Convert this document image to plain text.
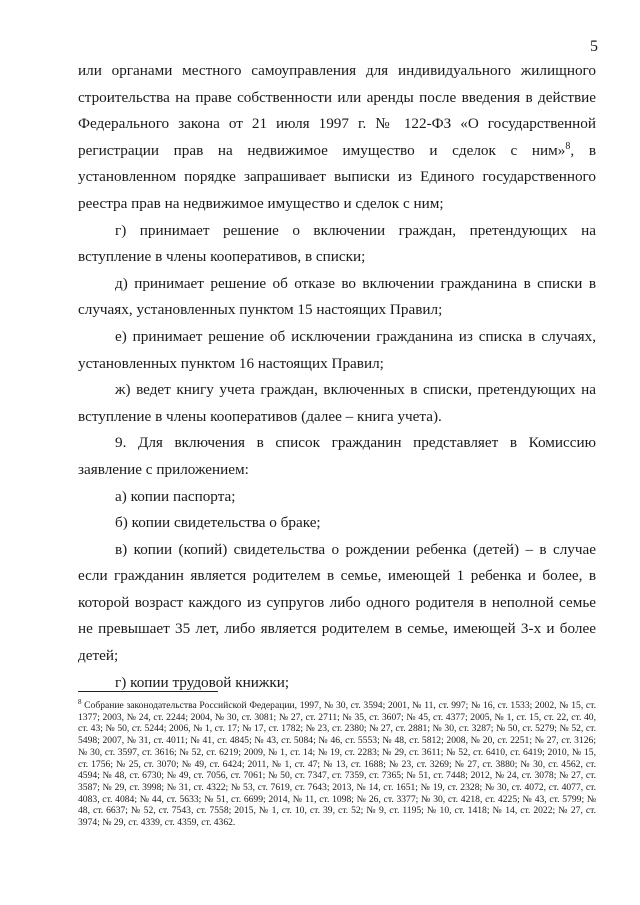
5

или органами местного самоуправления для индивидуального жилищного строительства на праве собственности или аренды после введения в действие Федерального закона от 21 июля 1997 г. № 122-ФЗ «О государственной регистрации прав на недвижимое имущество и сделок с ним»$^8$, в установленном порядке запрашивает выписки из Единого государственного реестра прав на недвижимое имущество и сделок с ним;

г) принимает решение о включении граждан, претендующих на вступление в члены кооперативов, в списки;

д) принимает решение об отказе во включении гражданина в списки в случаях, установленных пунктом 15 настоящих Правил;

е) принимает решение об исключении гражданина из списка в случаях, установленных пунктом 16 настоящих Правил;

ж) ведет книгу учета граждан, включенных в списки, претендующих на вступление в члены кооперативов (далее – книга учета).

9. Для включения в список гражданин представляет в Комиссию заявление с приложением:

а) копии паспорта;

б) копии свидетельства о браке;

в) копии (копий) свидетельства о рождении ребенка (детей) – в случае если гражданин является родителем в семье, имеющей 1 ребенка и более, в которой возраст каждого из супругов либо одного родителя в неполной семье не превышает 35 лет, либо является родителем в семье, имеющей 3-х и более детей;

г) копии трудовой книжки;

$^8$ Собрание законодательства Российской Федерации, 1997, № 30, ст. 3594; 2001, № 11, ст. 997; № 16, ст. 1533; 2002, № 15, ст. 1377; 2003, № 24, ст. 2244; 2004, № 30, ст. 3081; № 27, ст. 2711; № 35, ст. 3607; № 45, ст. 4377; 2005, № 1, ст. 15, ст. 22, ст. 40, ст. 43; № 50, ст. 5244; 2006, № 1, ст. 17; № 17, ст. 1782; № 23, ст. 2380; № 27, ст. 2881; № 30, ст. 3287; № 50, ст. 5279; № 52, ст. 5498; 2007, № 31, ст. 4011; № 41, ст. 4845; № 43, ст. 5084; № 46, ст. 5553; № 48, ст. 5812; 2008, № 20, ст. 2251; № 27, ст. 3126; № 30, ст. 3597, ст. 3616; № 52, ст. 6219; 2009, № 1, ст. 14; № 19, ст. 2283; № 29, ст. 3611; № 52, ст. 6410, ст. 6419; 2010, № 15, ст. 1756; № 25, ст. 3070; № 49, ст. 6424; 2011, № 1, ст. 47; № 13, ст. 1688; № 23, ст. 3269; № 27, ст. 3880; № 30, ст. 4562, ст. 4594; № 48, ст. 6730; № 49, ст. 7056, ст. 7061; № 50, ст. 7347, ст. 7359, ст. 7365; № 51, ст. 7448; 2012, № 24, ст. 3078; № 27, ст. 3587; № 29, ст. 3998; № 31, ст. 4322; № 53, ст. 7619, ст. 7643; 2013, № 14, ст. 1651; № 19, ст. 2328; № 30, ст. 4072, ст. 4077, ст. 4083, ст. 4084; № 44, ст. 5633; № 51, ст. 6699; 2014, № 11, ст. 1098; № 26, ст. 3377; № 30, ст. 4218, ст. 4225; № 43, ст. 5799; № 48, ст. 6637; № 52, ст. 7543, ст. 7558; 2015, № 1, ст. 10, ст. 39, ст. 52; № 9, ст. 1195; № 10, ст. 1418; № 14, ст. 2022; № 27, ст. 3974; № 29, ст. 4339, ст. 4359, ст. 4362.
